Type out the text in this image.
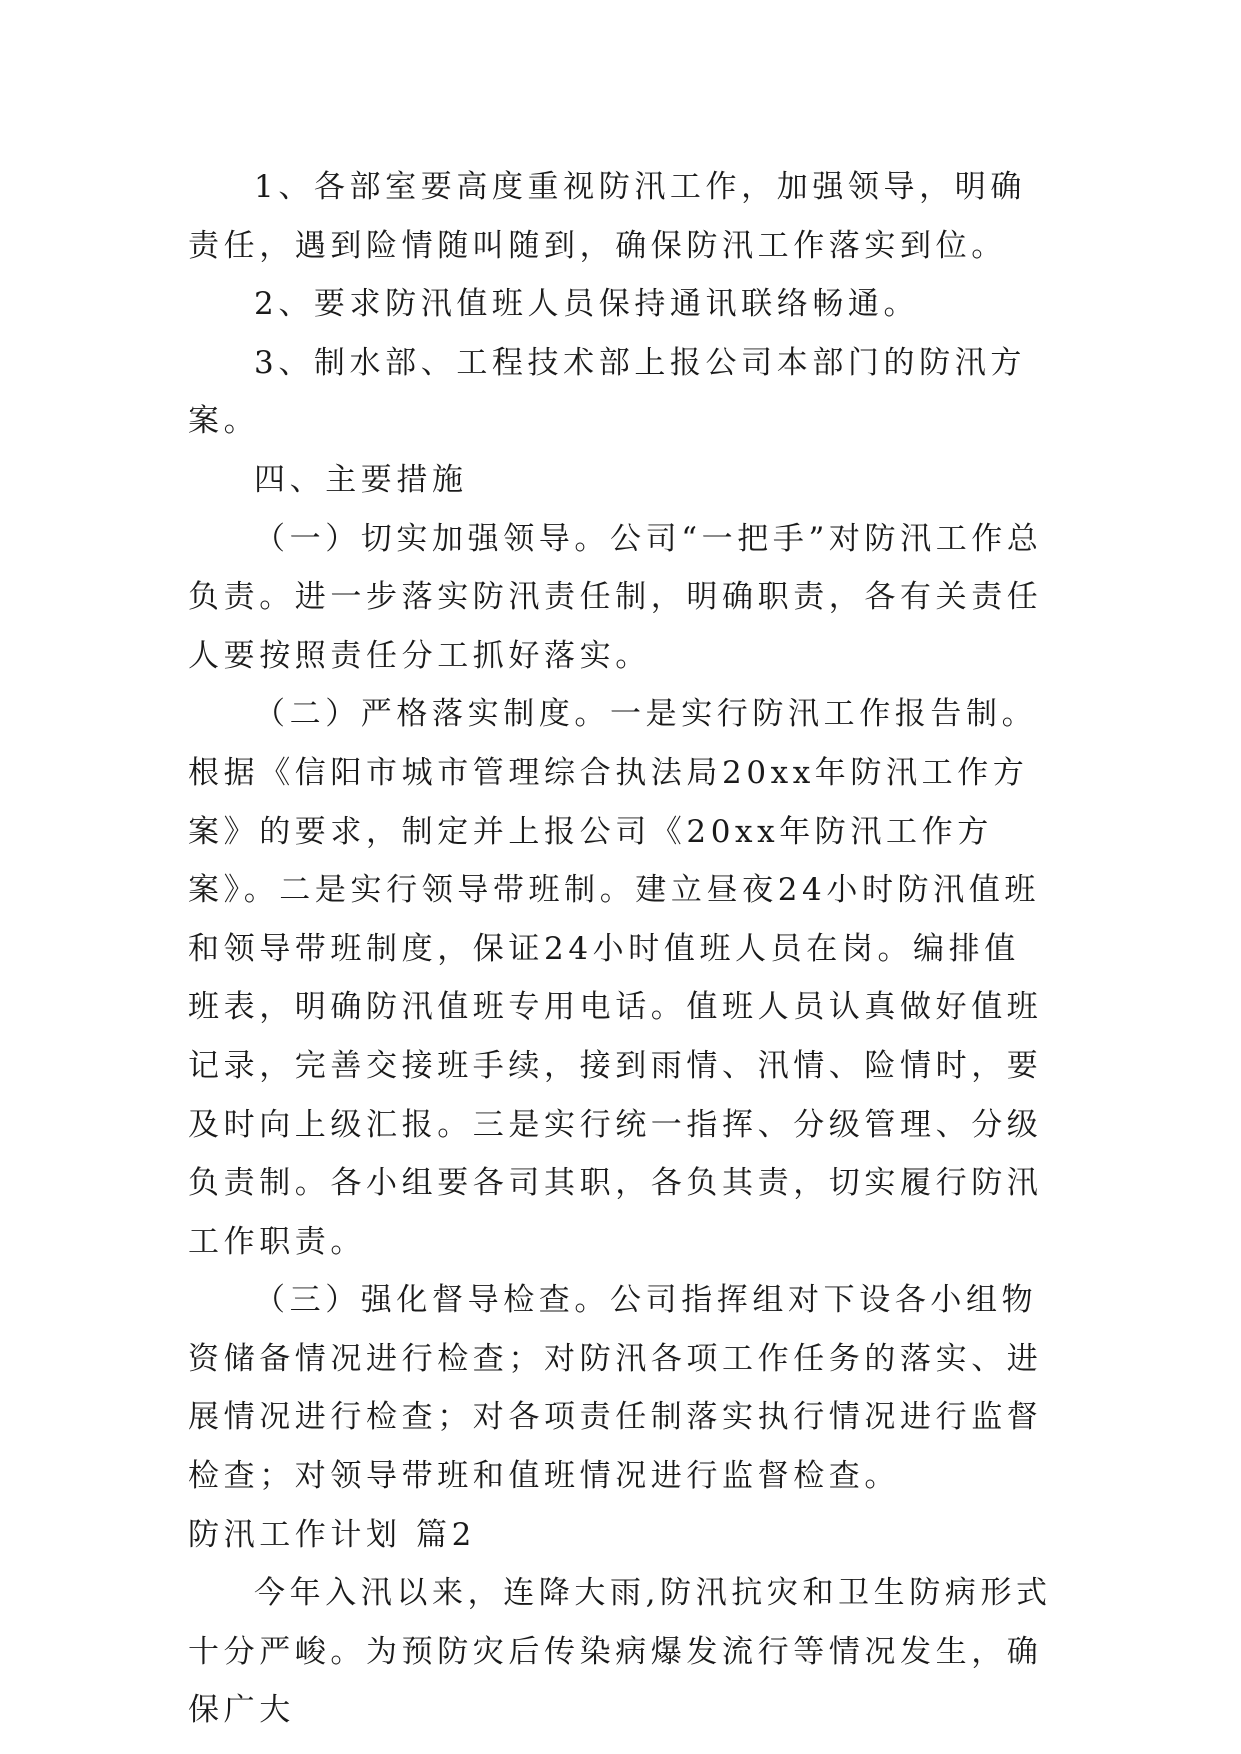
1、各部室要高度重视防汛工作，加强领导，明确责任，遇到险情随叫随到，确保防汛工作落实到位。

2、要求防汛值班人员保持通讯联络畅通。

3、制水部、工程技术部上报公司本部门的防汛方案。

四、主要措施

（一）切实加强领导。公司“一把手”对防汛工作总负责。进一步落实防汛责任制，明确职责，各有关责任人要按照责任分工抓好落实。

（二）严格落实制度。一是实行防汛工作报告制。根据《信阳市城市管理综合执法局20xx年防汛工作方案》的要求，制定并上报公司《20xx年防汛工作方案》。二是实行领导带班制。建立昼夜24小时防汛值班和领导带班制度，保证24小时值班人员在岗。编排值班表，明确防汛值班专用电话。值班人员认真做好值班记录，完善交接班手续，接到雨情、汛情、险情时，要及时向上级汇报。三是实行统一指挥、分级管理、分级负责制。各小组要各司其职，各负其责，切实履行防汛工作职责。

（三）强化督导检查。公司指挥组对下设各小组物资储备情况进行检查；对防汛各项工作任务的落实、进展情况进行检查；对各项责任制落实执行情况进行监督检查；对领导带班和值班情况进行监督检查。

防汛工作计划 篇2

今年入汛以来，连降大雨,防汛抗灾和卫生防病形式十分严峻。为预防灾后传染病爆发流行等情况发生，确保广大
